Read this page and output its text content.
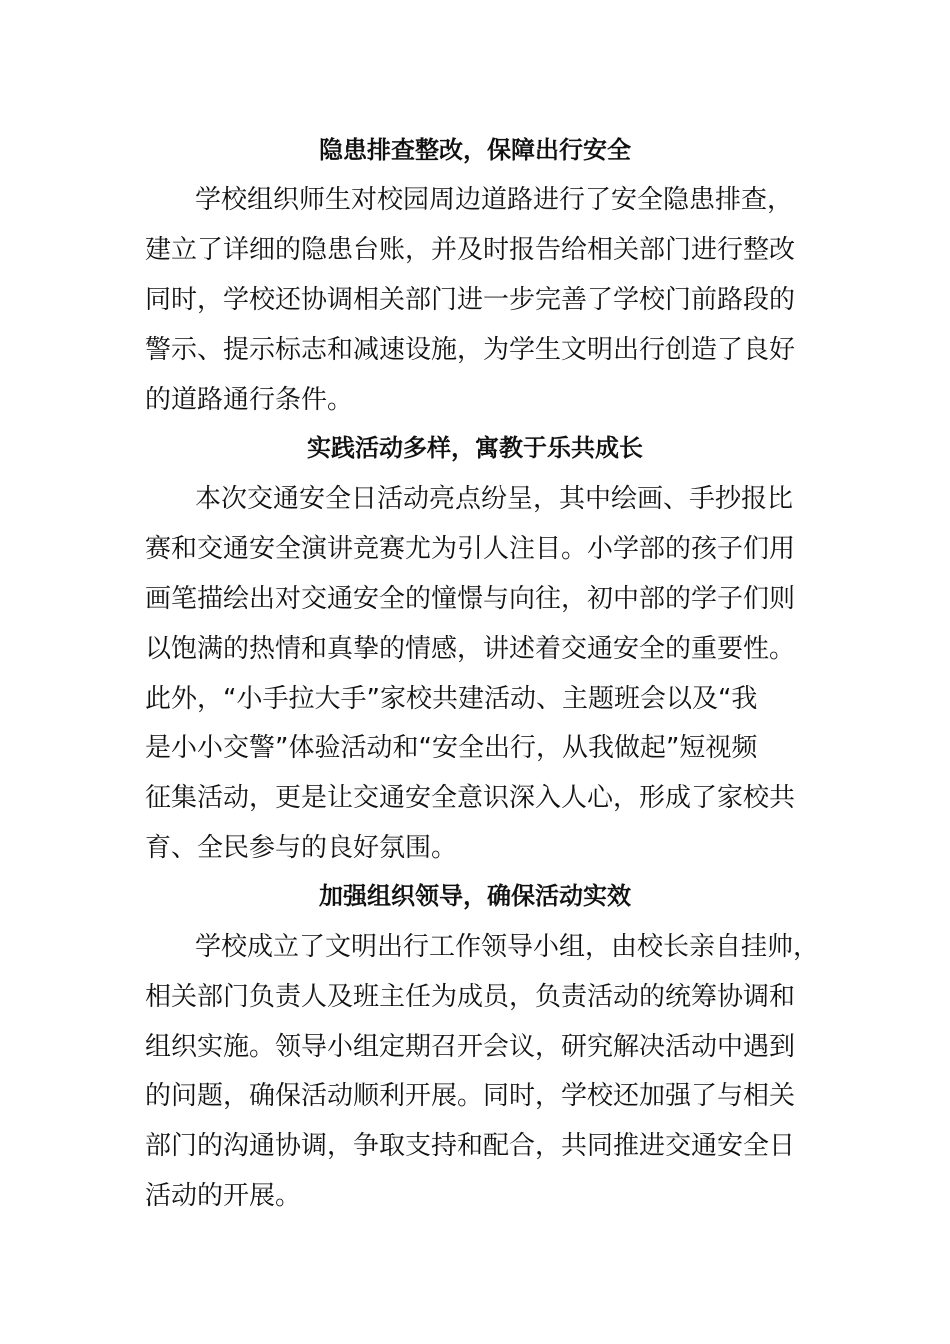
隐患排查整改，保障出行安全
学校组织师生对校园周边道路进行了安全隐患排查，
建立了详细的隐患台账，并及时报告给相关部门进行整改
同时，学校还协调相关部门进一步完善了学校门前路段的
警示、提示标志和减速设施，为学生文明出行创造了良好
的道路通行条件。
实践活动多样，寓教于乐共成长
本次交通安全日活动亮点纷呈，其中绘画、手抄报比
赛和交通安全演讲竞赛尤为引人注目。小学部的孩子们用
画笔描绘出对交通安全的憧憬与向往，初中部的学子们则
以饱满的热情和真挚的情感，讲述着交通安全的重要性。
此外，“小手拉大手”家校共建活动、主题班会以及“我
是小小交警”体验活动和“安全出行，从我做起”短视频
征集活动，更是让交通安全意识深入人心，形成了家校共
育、全民参与的良好氛围。
加强组织领导，确保活动实效
学校成立了文明出行工作领导小组，由校长亲自挂帅，
相关部门负责人及班主任为成员，负责活动的统筹协调和
组织实施。领导小组定期召开会议，研究解决活动中遇到
的问题，确保活动顺利开展。同时，学校还加强了与相关
部门的沟通协调，争取支持和配合，共同推进交通安全日
活动的开展。
